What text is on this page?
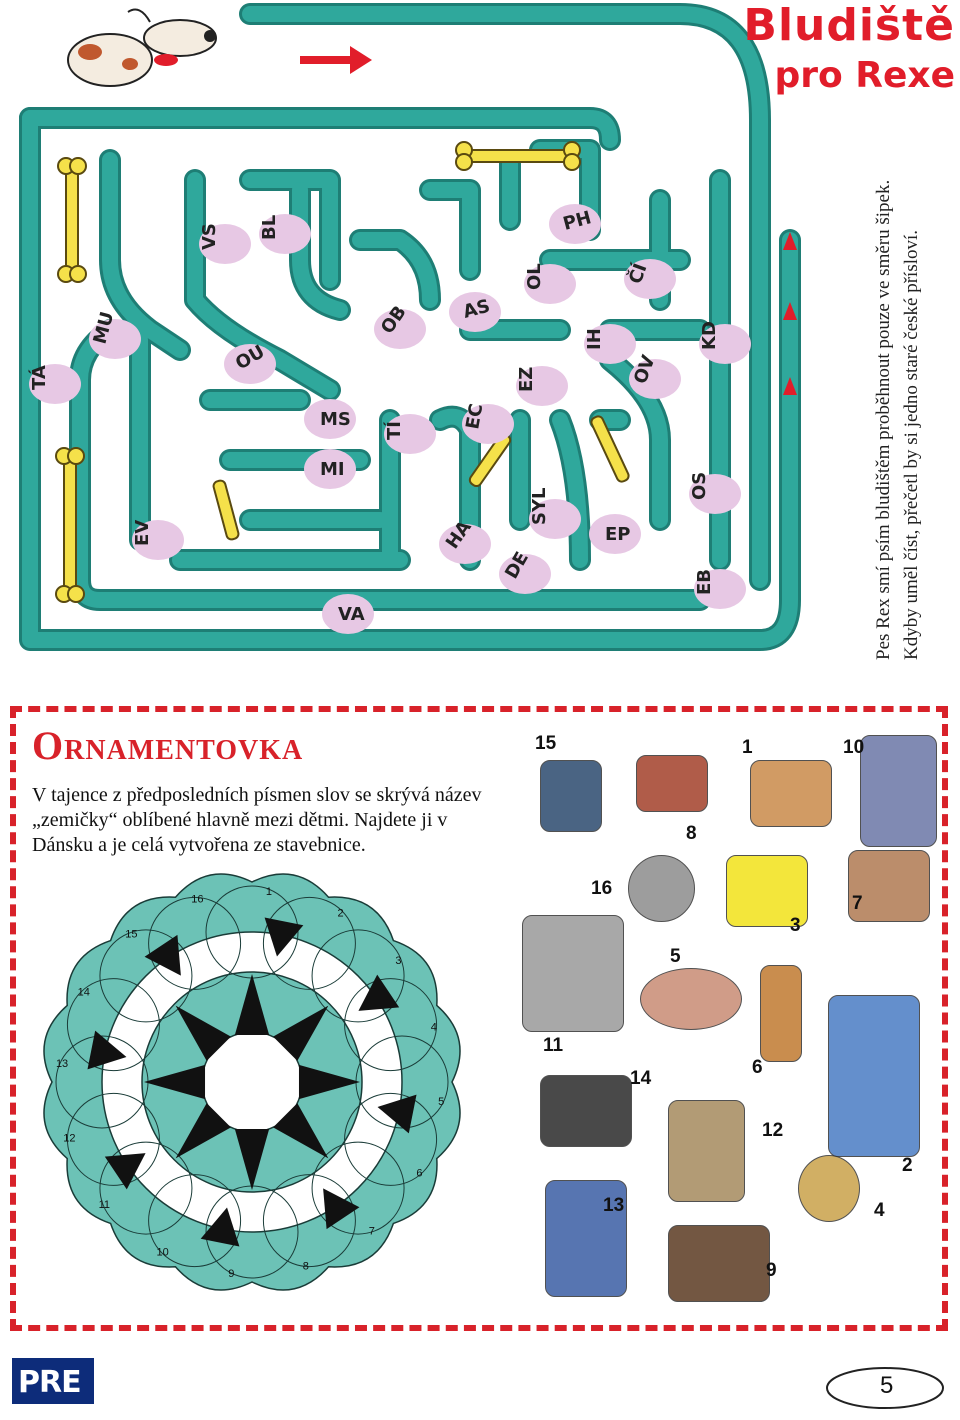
TÁ
MU
VS BL
OU
OB	AS
OL
PH
ČÍ
KD
MS
MI
TÍ	EC
EZ
IH
OV
OS
EV	HA
DE
SYL
EP
EB
VA
Bludiště
pro Rexe
Pes Rex smí psím bludištěm proběhnout pouze ve směru šipek. Kdyby uměl číst, přečetl by si jedno staré české přísloví.
Ornamentovka
V tajence z předposledních písmen slov se skrývá název „zemičky“ oblíbené hlavně mezi dětmi. Najdete ji v Dánsku a je celá vytvořena ze stavebnice.
1
2
3
4
5
6
7
8
9
10
11
12
13
14
15
16
15
8
1	10
16
3
7
5
11
6
14
12
2
13	4
9
PRE	5
